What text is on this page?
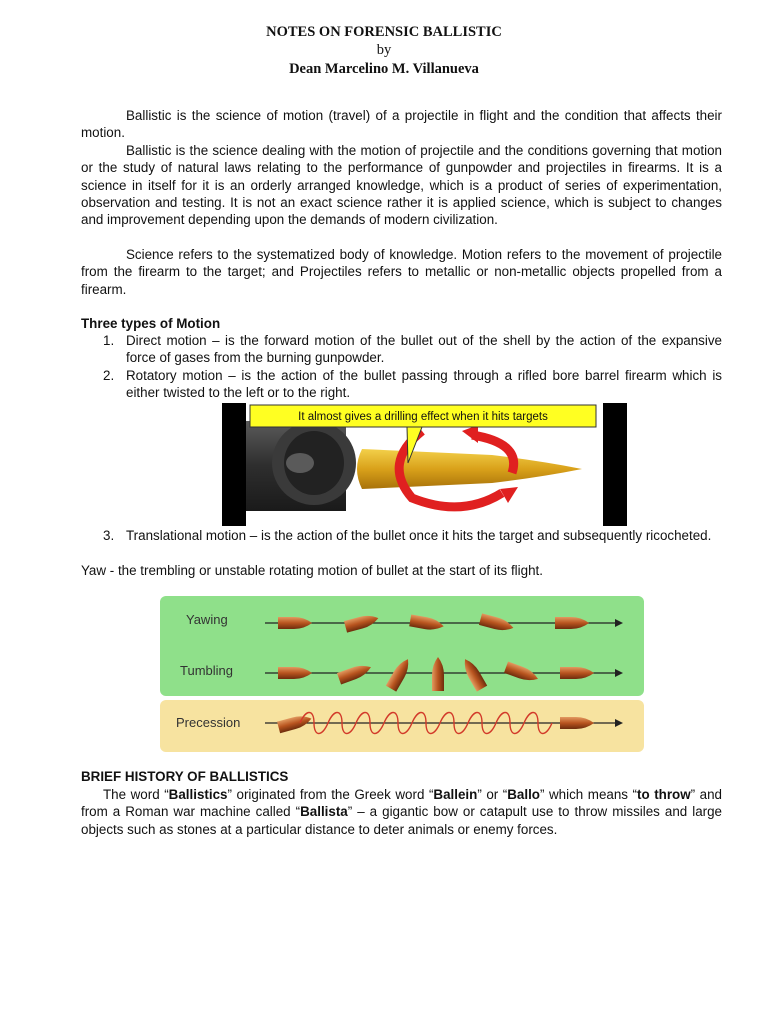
NOTES ON FORENSIC BALLISTIC
by
Dean Marcelino M. Villanueva

Ballistic is the science of motion (travel) of a projectile in flight and the condition that affects their motion.

Ballistic is the science dealing with the motion of projectile and the conditions governing that motion or the study of natural laws relating to the performance of gunpowder and projectiles in firearms. It is a science in itself for it is an orderly arranged knowledge, which is a product of series of experimentation, observation and testing. It is not an exact science rather it is applied science, which is subject to changes and improvement depending upon the demands of modern civilization.

Science refers to the systematized body of knowledge. Motion refers to the movement of projectile from the firearm to the target; and Projectiles refers to metallic or non-metallic objects propelled from a firearm.

Three types of Motion

1. Direct motion – is the forward motion of the bullet out of the shell by the action of the expansive force of gases from the burning gunpowder.
2. Rotatory motion – is the action of the bullet passing through a rifled bore barrel firearm which is either twisted to the left or to the right.
It almost gives a drilling effect when it hits targets
3. Translational motion – is the action of the bullet once it hits the target and subsequently ricocheted.

Yaw - the trembling or unstable rotating motion of bullet at the start of its flight.

Yawing
Tumbling
Precession

BRIEF HISTORY OF BALLISTICS

The word “Ballistics” originated from the Greek word “Ballein” or “Ballo” which means “to throw” and from a Roman war machine called “Ballista” – a gigantic bow or catapult use to throw missiles and large objects such as stones at a particular distance to deter animals or enemy forces.
